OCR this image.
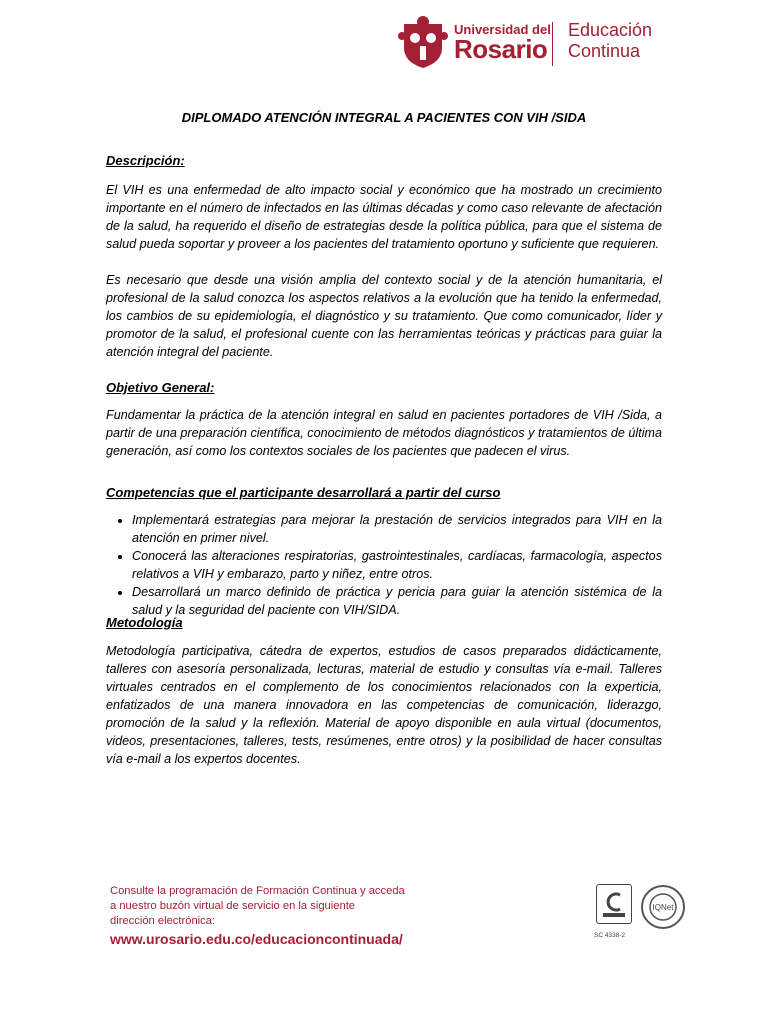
Universidad del
Rosario
Educación
Continua
DIPLOMADO ATENCIÓN INTEGRAL A PACIENTES CON VIH /SIDA
Descripción:

El VIH es una enfermedad de alto impacto social y económico que ha mostrado un crecimiento importante en el número de infectados en las últimas décadas y como caso relevante de afectación de la salud, ha requerido el diseño de estrategias desde la política pública, para que el sistema de salud pueda soportar y proveer a los pacientes del tratamiento oportuno y suficiente que requieren.

Es necesario que desde una visión amplia del contexto social y de la atención humanitaria, el profesional de la salud conozca los aspectos relativos a la evolución que ha tenido la enfermedad, los cambios de su epidemiología, el diagnóstico y su tratamiento. Que como comunicador, líder y promotor de la salud, el profesional cuente con las herramientas teóricas y prácticas para guiar la atención integral del paciente.

Objetivo General:

Fundamentar la práctica de la atención integral en salud en pacientes portadores de VIH /Sida, a partir de una preparación científica, conocimiento de métodos diagnósticos y tratamientos de última generación, así como los contextos sociales de los pacientes que padecen el virus.

Competencias que el participante desarrollará a partir del curso
• Implementará estrategias para mejorar la prestación de servicios integrados para VIH en la atención en primer nivel.
• Conocerá las alteraciones respiratorias, gastrointestinales, cardíacas, farmacología, aspectos relativos a VIH y embarazo, parto y niñez, entre otros.
• Desarrollará un marco definido de práctica y pericia para guiar la atención sistémica de la salud y la seguridad del paciente con VIH/SIDA.
Metodología

Metodología participativa, cátedra de expertos, estudios de casos preparados didácticamente, talleres con asesoría personalizada, lecturas, material de estudio y consultas vía e-mail. Talleres virtuales centrados en el complemento de los conocimientos relacionados con la experticia, enfatizados de una manera innovadora en las competencias de comunicación, liderazgo, promoción de la salud y la reflexión. Material de apoyo disponible en aula virtual (documentos, videos, presentaciones, talleres, tests, resúmenes, entre otros) y la posibilidad de hacer consultas vía e-mail a los expertos docentes.

Consulte la programación de Formación Continua y acceda
a nuestro buzón virtual de servicio en la siguiente
dirección electrónica:
www.urosario.edu.co/educacioncontinuada/	SC 4338-2
IQNet
